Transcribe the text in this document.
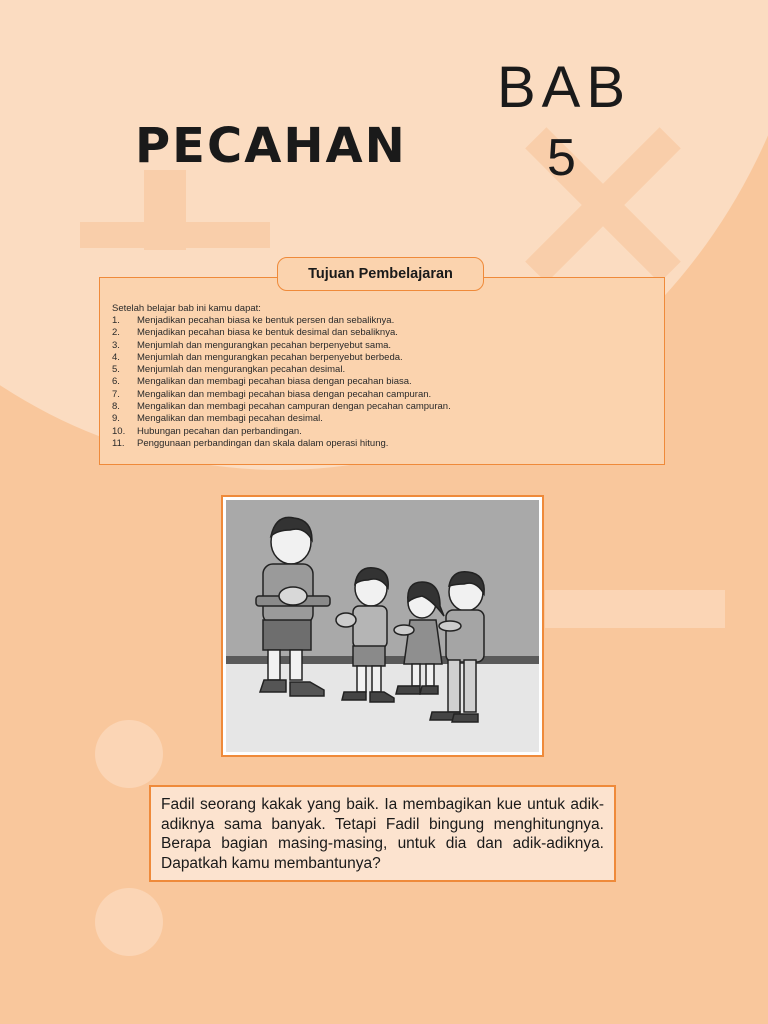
PECAHAN
BAB
5
Setelah belajar bab ini kamu dapat:
1. Menjadikan pecahan biasa ke bentuk persen dan sebaliknya.
2. Menjadikan pecahan biasa ke bentuk desimal dan sebaliknya.
3. Menjumlah dan mengurangkan pecahan berpenyebut sama.
4. Menjumlah dan mengurangkan pecahan berpenyebut berbeda.
5. Menjumlah dan mengurangkan pecahan desimal.
6. Mengalikan dan membagi pecahan biasa dengan pecahan biasa.
7. Mengalikan dan membagi pecahan biasa dengan pecahan campuran.
8. Mengalikan dan membagi pecahan campuran dengan pecahan campuran.
9. Mengalikan dan membagi pecahan desimal.
10. Hubungan pecahan dan perbandingan.
11. Penggunaan perbandingan dan skala dalam operasi hitung.
Tujuan Pembelajaran
Fadil seorang kakak yang baik. Ia membagikan kue untuk adik-adiknya sama banyak. Tetapi Fadil bingung menghitungnya. Berapa bagian masing-masing, untuk dia dan adik-adiknya. Dapatkah kamu membantunya?
